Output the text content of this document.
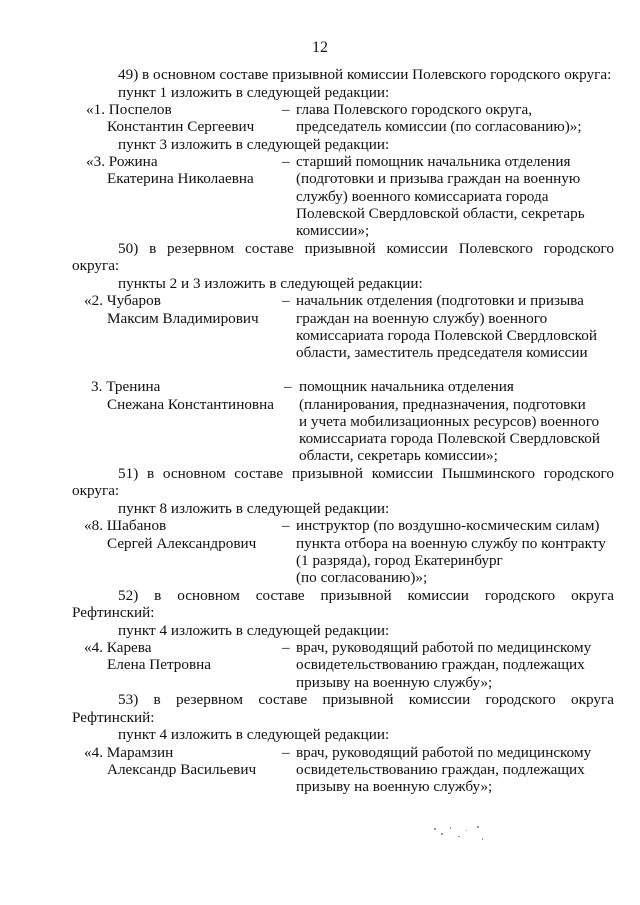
12

49) в основном составе призывной комиссии Полевского городского округа:

пункт 1 изложить в следующей редакции:

«1. Поспелов

Константин Сергеевич

– глава Полевского городского округа,

председатель комиссии (по согласованию)»;

пункт 3 изложить в следующей редакции:

«3. Рожина

Екатерина Николаевна

– старший помощник начальника отделения

(подготовки и призыва граждан на военную

службу) военного комиссариата города

Полевской Свердловской области, секретарь

комиссии»;

50) в резервном составе призывной комиссии Полевского городского

округа:

пункты 2 и 3 изложить в следующей редакции:

«2. Чубаров

Максим Владимирович

– начальник отделения (подготовки и призыва

граждан на военную службу) военного

комиссариата города Полевской Свердловской

области, заместитель председателя комиссии

3. Тренина

Снежана Константиновна

– помощник начальника отделения

(планирования, предназначения, подготовки

и учета мобилизационных ресурсов) военного

комиссариата города Полевской Свердловской

области, секретарь комиссии»;

51) в основном составе призывной комиссии Пышминского городского

округа:

пункт 8 изложить в следующей редакции:

«8. Шабанов

Сергей Александрович

– инструктор (по воздушно-космическим силам)

пункта отбора на военную службу по контракту

(1 разряда), город Екатеринбург

(по согласованию)»;

52) в основном составе призывной комиссии городского округа

Рефтинский:

пункт 4 изложить в следующей редакции:

«4. Карева

Елена Петровна

– врач, руководящий работой по медицинскому

освидетельствованию граждан, подлежащих

призыву на военную службу»;

53) в резервном составе призывной комиссии городского округа

Рефтинский:

пункт 4 изложить в следующей редакции:

«4. Марамзин

Александр Васильевич

– врач, руководящий работой по медицинскому

освидетельствованию граждан, подлежащих

призыву на военную службу»;
